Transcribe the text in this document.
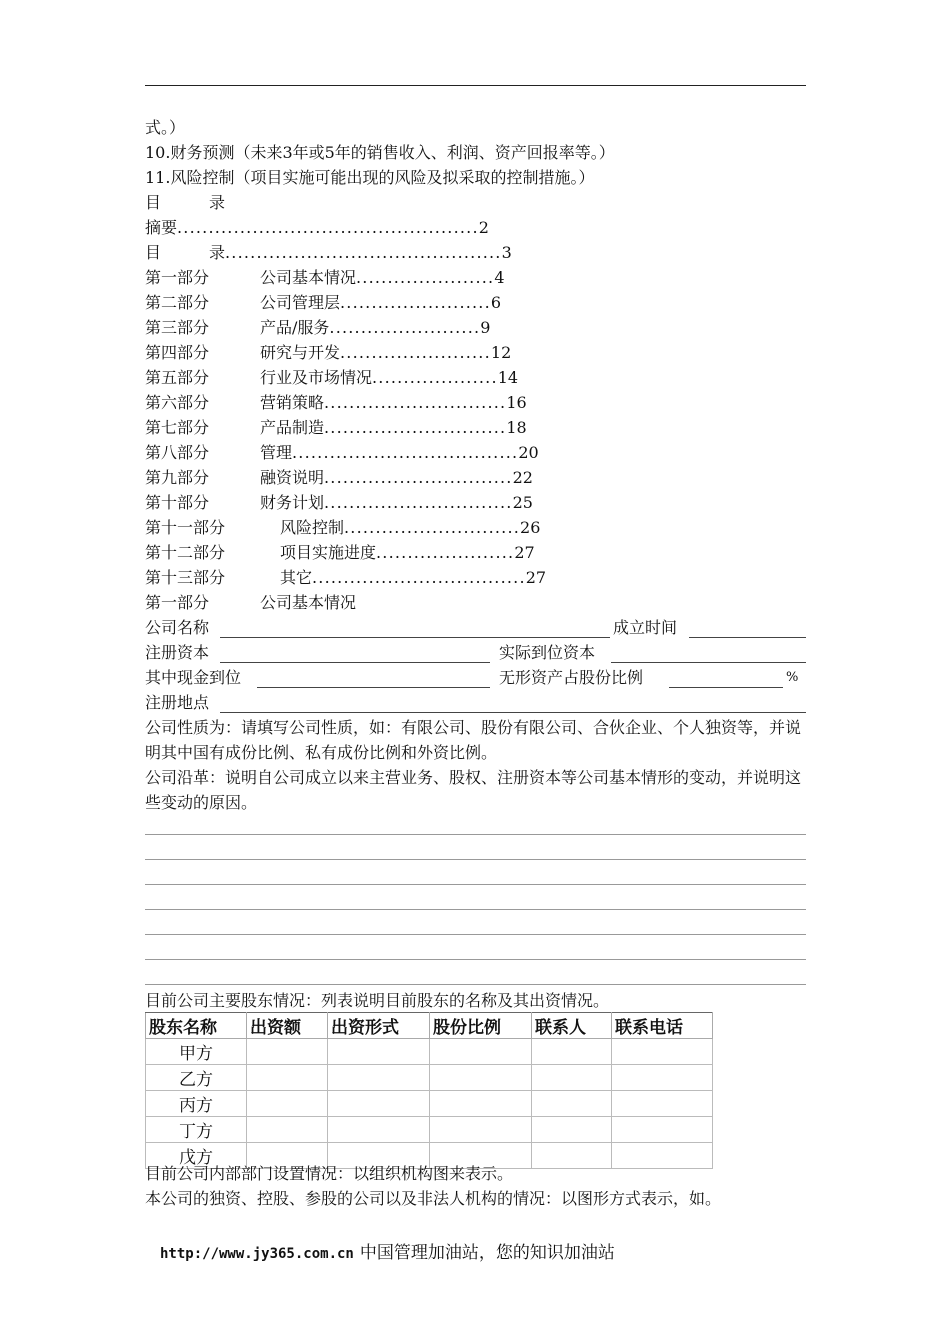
式。）
10.财务预测（未来3年或5年的销售收入、利润、资产回报率等。）
11.风险控制（项目实施可能出现的风险及拟采取的控制措施。）
目　　　录
摘要................................................2
目　　　录............................................3
第一部分	公司基本情况......................4
第二部分	公司管理层........................6
第三部分	产品/服务........................9
第四部分	研究与开发........................12
第五部分	行业及市场情况....................14
第六部分	营销策略.............................16
第七部分	产品制造.............................18
第八部分	管理....................................20
第九部分	融资说明..............................22
第十部分	财务计划..............................25
第十一部分	风险控制............................26
第十二部分	项目实施进度......................27
第十三部分	其它..................................27
第一部分	公司基本情况
公司名称	成立时间
注册资本	实际到位资本
其中现金到位	无形资产占股份比例	%
注册地点
公司性质为：请填写公司性质，如：有限公司、股份有限公司、合伙企业、个人独资等，并说明其中国有成份比例、私有成份比例和外资比例。
公司沿革：说明自公司成立以来主营业务、股权、注册资本等公司基本情形的变动，并说明这些变动的原因。
目前公司主要股东情况：列表说明目前股东的名称及其出资情况。
股东名称	出资额	出资形式	股份比例	联系人	联系电话
甲方					
乙方					
丙方					
丁方					
戊方					
目前公司内部部门设置情况：以组织机构图来表示。
本公司的独资、控股、参股的公司以及非法人机构的情况：以图形方式表示，如。
http://www.jy365.com.cn 中国管理加油站，您的知识加油站
